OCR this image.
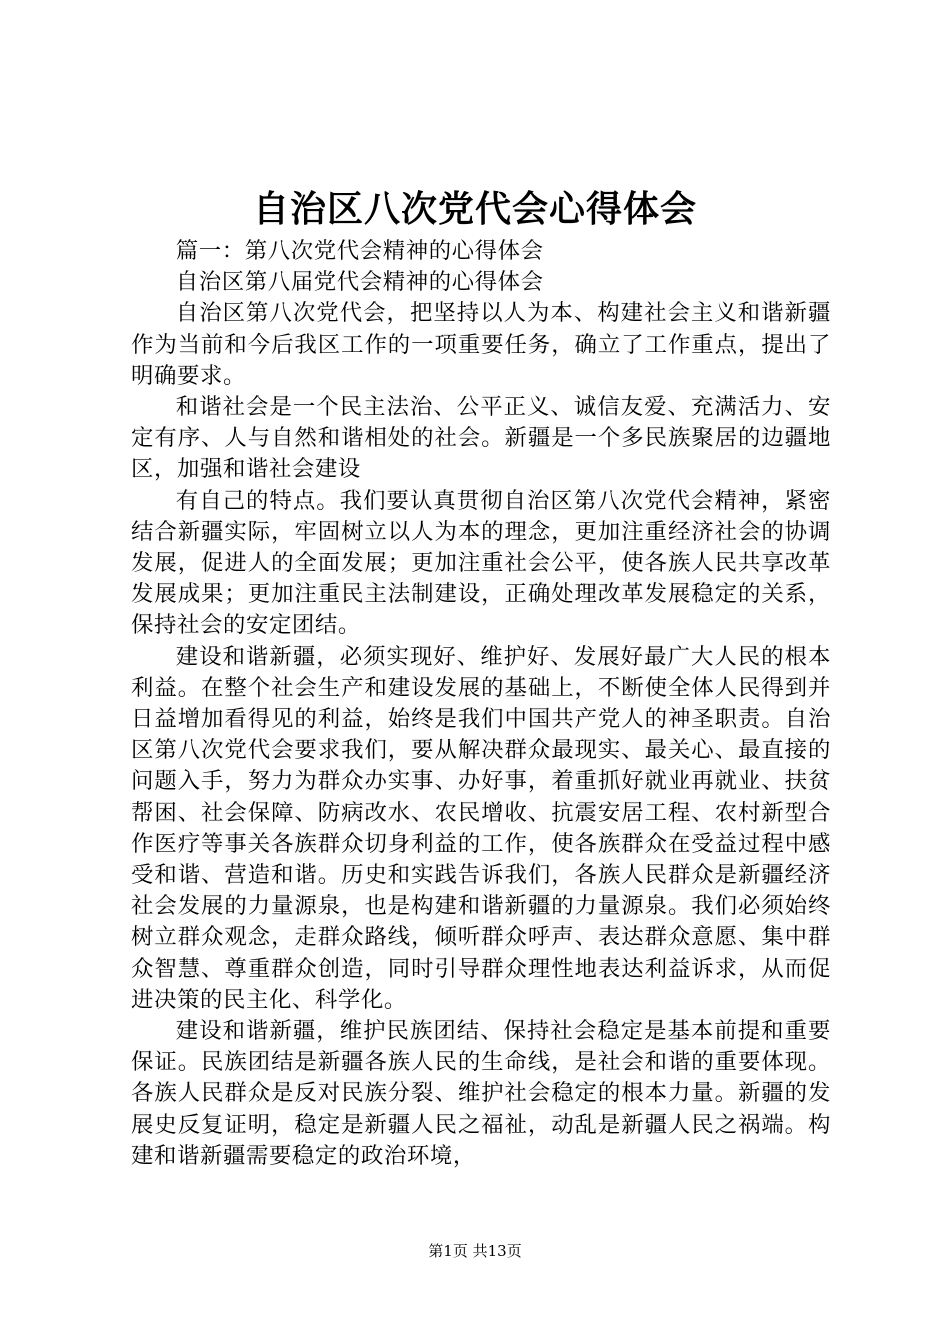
自治区八次党代会心得体会

篇一：第八次党代会精神的心得体会

自治区第八届党代会精神的心得体会

自治区第八次党代会，把坚持以人为本、构建社会主义和谐新疆作为当前和今后我区工作的一项重要任务，确立了工作重点，提出了明确要求。

和谐社会是一个民主法治、公平正义、诚信友爱、充满活力、安定有序、人与自然和谐相处的社会。新疆是一个多民族聚居的边疆地区，加强和谐社会建设

有自己的特点。我们要认真贯彻自治区第八次党代会精神，紧密结合新疆实际，牢固树立以人为本的理念，更加注重经济社会的协调发展，促进人的全面发展；更加注重社会公平，使各族人民共享改革发展成果；更加注重民主法制建设，正确处理改革发展稳定的关系，保持社会的安定团结。

建设和谐新疆，必须实现好、维护好、发展好最广大人民的根本利益。在整个社会生产和建设发展的基础上，不断使全体人民得到并日益增加看得见的利益，始终是我们中国共产党人的神圣职责。自治区第八次党代会要求我们，要从解决群众最现实、最关心、最直接的问题入手，努力为群众办实事、办好事，着重抓好就业再就业、扶贫帮困、社会保障、防病改水、农民增收、抗震安居工程、农村新型合作医疗等事关各族群众切身利益的工作，使各族群众在受益过程中感受和谐、营造和谐。历史和实践告诉我们，各族人民群众是新疆经济社会发展的力量源泉，也是构建和谐新疆的力量源泉。我们必须始终树立群众观念，走群众路线，倾听群众呼声、表达群众意愿、集中群众智慧、尊重群众创造，同时引导群众理性地表达利益诉求，从而促进决策的民主化、科学化。

建设和谐新疆，维护民族团结、保持社会稳定是基本前提和重要保证。民族团结是新疆各族人民的生命线，是社会和谐的重要体现。各族人民群众是反对民族分裂、维护社会稳定的根本力量。新疆的发展史反复证明，稳定是新疆人民之福祉，动乱是新疆人民之祸端。构建和谐新疆需要稳定的政治环境，

第1页 共13页
